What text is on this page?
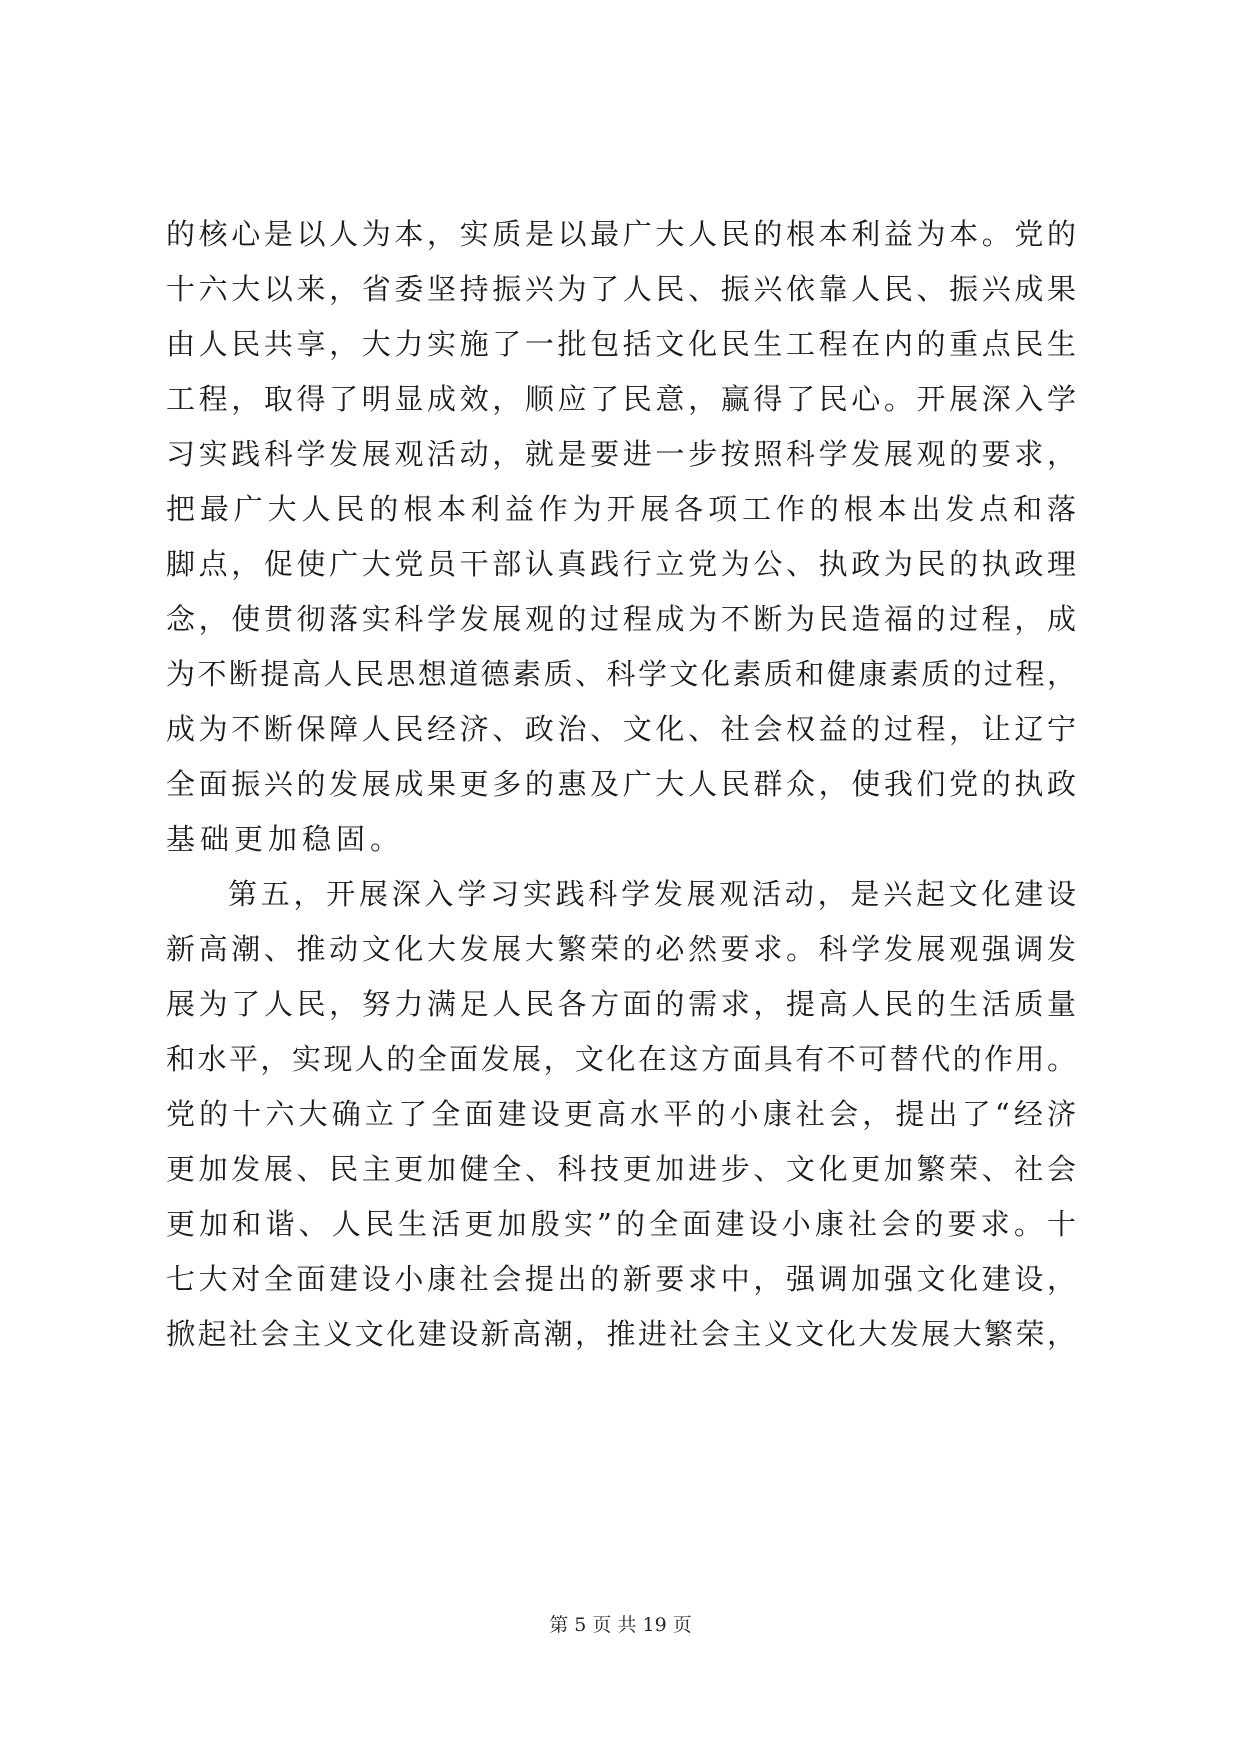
的核心是以人为本，实质是以最广大人民的根本利益为本。党的
十六大以来，省委坚持振兴为了人民、振兴依靠人民、振兴成果
由人民共享，大力实施了一批包括文化民生工程在内的重点民生
工程，取得了明显成效，顺应了民意，赢得了民心。开展深入学
习实践科学发展观活动，就是要进一步按照科学发展观的要求，
把最广大人民的根本利益作为开展各项工作的根本出发点和落
脚点，促使广大党员干部认真践行立党为公、执政为民的执政理
念，使贯彻落实科学发展观的过程成为不断为民造福的过程，成
为不断提高人民思想道德素质、科学文化素质和健康素质的过程，
成为不断保障人民经济、政治、文化、社会权益的过程，让辽宁
全面振兴的发展成果更多的惠及广大人民群众，使我们党的执政
基础更加稳固。
第五，开展深入学习实践科学发展观活动，是兴起文化建设
新高潮、推动文化大发展大繁荣的必然要求。科学发展观强调发
展为了人民，努力满足人民各方面的需求，提高人民的生活质量
和水平，实现人的全面发展，文化在这方面具有不可替代的作用。
党的十六大确立了全面建设更高水平的小康社会，提出了“经济
更加发展、民主更加健全、科技更加进步、文化更加繁荣、社会
更加和谐、人民生活更加殷实”的全面建设小康社会的要求。十
七大对全面建设小康社会提出的新要求中，强调加强文化建设，
掀起社会主义文化建设新高潮，推进社会主义文化大发展大繁荣，
第 5 页 共 19 页
